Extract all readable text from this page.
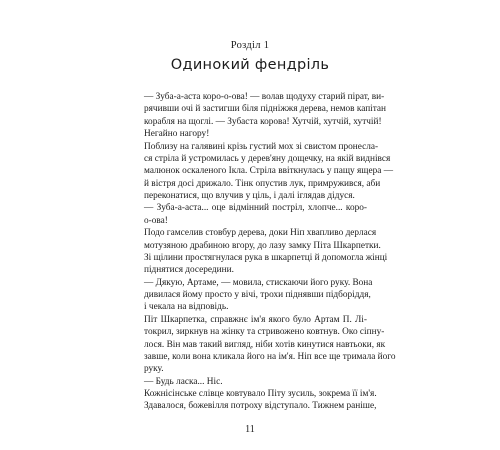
Розділ 1
Одинокий фендріль
— Зуба-а-аста коро-о-ова! — волав щодуху старий пірат, ви-
рячивши очі й застигши біля підніжжя дерева, немов капітан
корабля на щоглі. — Зубаста корова! Хутчій, хутчій, хутчій!
Негайно нагору!
Поблизу на галявині крізь густий мох зі свистом пронесла-
ся стріла й устромилась у дерев'яну дощечку, на якій виднівся
малюнок оскаленого Ікла. Стріла ввіткнулась у пащу ящера —
й вістря досі дрижало. Тінк опустив лук, примружився, аби
переконатися, що влучив у ціль, і далі іглядав дідуся.
— Зуба-а-аста... оце відмінний постріл, хлопче... коро-
о-ова!
Подо гамселив стовбур дерева, доки Ніп хвапливо дерлася
мотузяною драбиною вгору, до лазу замку Піта Шкарпетки.
Зі щілини простягнулася рука в шкарпетці й допомогла жінці
піднятися досередини.
— Дякую, Артаме, — мовила, стискаючи його руку. Вона
дивилася йому просто у вічі, трохи піднявши підборіддя,
і чекала на відповідь.
Піт Шкарпетка, справжнє ім'я якого було Артам П. Лі-
токрил, зиркнув на жінку та стривожено ковтнув. Око сіпну-
лося. Він мав такий вигляд, ніби хотів кинутися навтьоки, як
завше, коли вона кликала його на ім'я. Ніп все ще тримала його
руку.
— Будь ласка... Ніс.
Кожнісінське слівце ковтувало Піту зусиль, зокрема її ім'я.
Здавалося, божевілля потроху відступало. Тижнем раніше,
11
